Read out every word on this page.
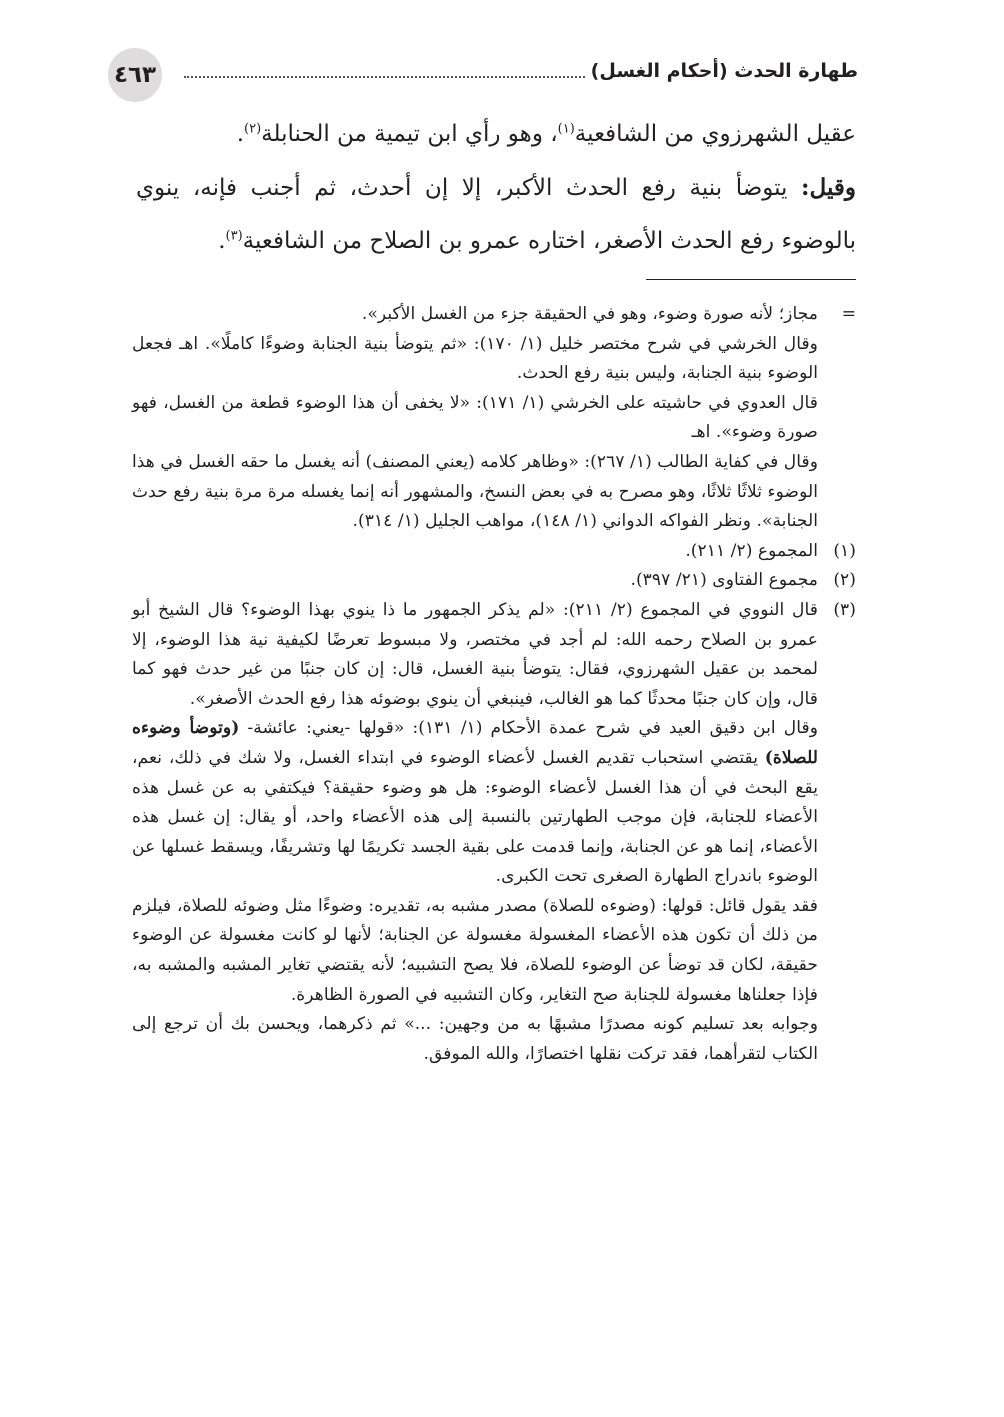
٤٦٣	طهارة الحدث (أحكام الغسل)

عقيل الشهرزوي من الشافعية$^{(١)}$، وهو رأي ابن تيمية من الحنابلة$^{(٢)}$.

وقيل: يتوضأ بنية رفع الحدث الأكبر، إلا إن أحدث، ثم أجنب فإنه، ينوي بالوضوء رفع الحدث الأصغر، اختاره عمرو بن الصلاح من الشافعية$^{(٣)}$.

=

مجاز؛ لأنه صورة وضوء، وهو في الحقيقة جزء من الغسل الأكبر».

وقال الخرشي في شرح مختصر خليل (١/ ١٧٠): «ثم يتوضأ بنية الجنابة وضوءًا كاملًا». اهـ فجعل الوضوء بنية الجنابة، وليس بنية رفع الحدث.

قال العدوي في حاشيته على الخرشي (١/ ١٧١): «لا يخفى أن هذا الوضوء قطعة من الغسل، فهو صورة وضوء». اهـ

وقال في كفاية الطالب (١/ ٢٦٧): «وظاهر كلامه (يعني المصنف) أنه يغسل ما حقه الغسل في هذا الوضوء ثلاثًا ثلاثًا، وهو مصرح به في بعض النسخ، والمشهور أنه إنما يغسله مرة مرة بنية رفع حدث الجنابة». ونظر الفواكه الدواني (١/ ١٤٨)، مواهب الجليل (١/ ٣١٤).

(١)

المجموع (٢/ ٢١١).

(٢)

مجموع الفتاوى (٢١/ ٣٩٧).

(٣)

قال النووي في المجموع (٢/ ٢١١): «لم يذكر الجمهور ما ذا ينوي بهذا الوضوء؟ قال الشيخ أبو عمرو بن الصلاح رحمه الله: لم أجد في مختصر، ولا مبسوط تعرضًا لكيفية نية هذا الوضوء، إلا لمحمد بن عقيل الشهرزوي، فقال: يتوضأ بنية الغسل، قال: إن كان جنبًا من غير حدث فهو كما قال، وإن كان جنبًا محدثًا كما هو الغالب، فينبغي أن ينوي بوضوئه هذا رفع الحدث الأصغر».

وقال ابن دقيق العيد في شرح عمدة الأحكام (١/ ١٣١): «قولها -يعني: عائشة- (وتوضأ وضوءه للصلاة) يقتضي استحباب تقديم الغسل لأعضاء الوضوء في ابتداء الغسل، ولا شك في ذلك، نعم، يقع البحث في أن هذا الغسل لأعضاء الوضوء: هل هو وضوء حقيقة؟ فيكتفي به عن غسل هذه الأعضاء للجنابة، فإن موجب الطهارتين بالنسبة إلى هذه الأعضاء واحد، أو يقال: إن غسل هذه الأعضاء، إنما هو عن الجنابة، وإنما قدمت على بقية الجسد تكريمًا لها وتشريفًا، ويسقط غسلها عن الوضوء باندراج الطهارة الصغرى تحت الكبرى.

فقد يقول قائل: قولها: (وضوءه للصلاة) مصدر مشبه به، تقديره: وضوءًا مثل وضوئه للصلاة، فيلزم من ذلك أن تكون هذه الأعضاء المغسولة مغسولة عن الجنابة؛ لأنها لو كانت مغسولة عن الوضوء حقيقة، لكان قد توضأ عن الوضوء للصلاة، فلا يصح التشبيه؛ لأنه يقتضي تغاير المشبه والمشبه به، فإذا جعلناها مغسولة للجنابة صح التغاير، وكان التشبيه في الصورة الظاهرة.

وجوابه بعد تسليم كونه مصدرًا مشبهًا به من وجهين: ...» ثم ذكرهما، ويحسن بك أن ترجع إلى الكتاب لتقرأهما، فقد تركت نقلها اختصارًا، والله الموفق.
